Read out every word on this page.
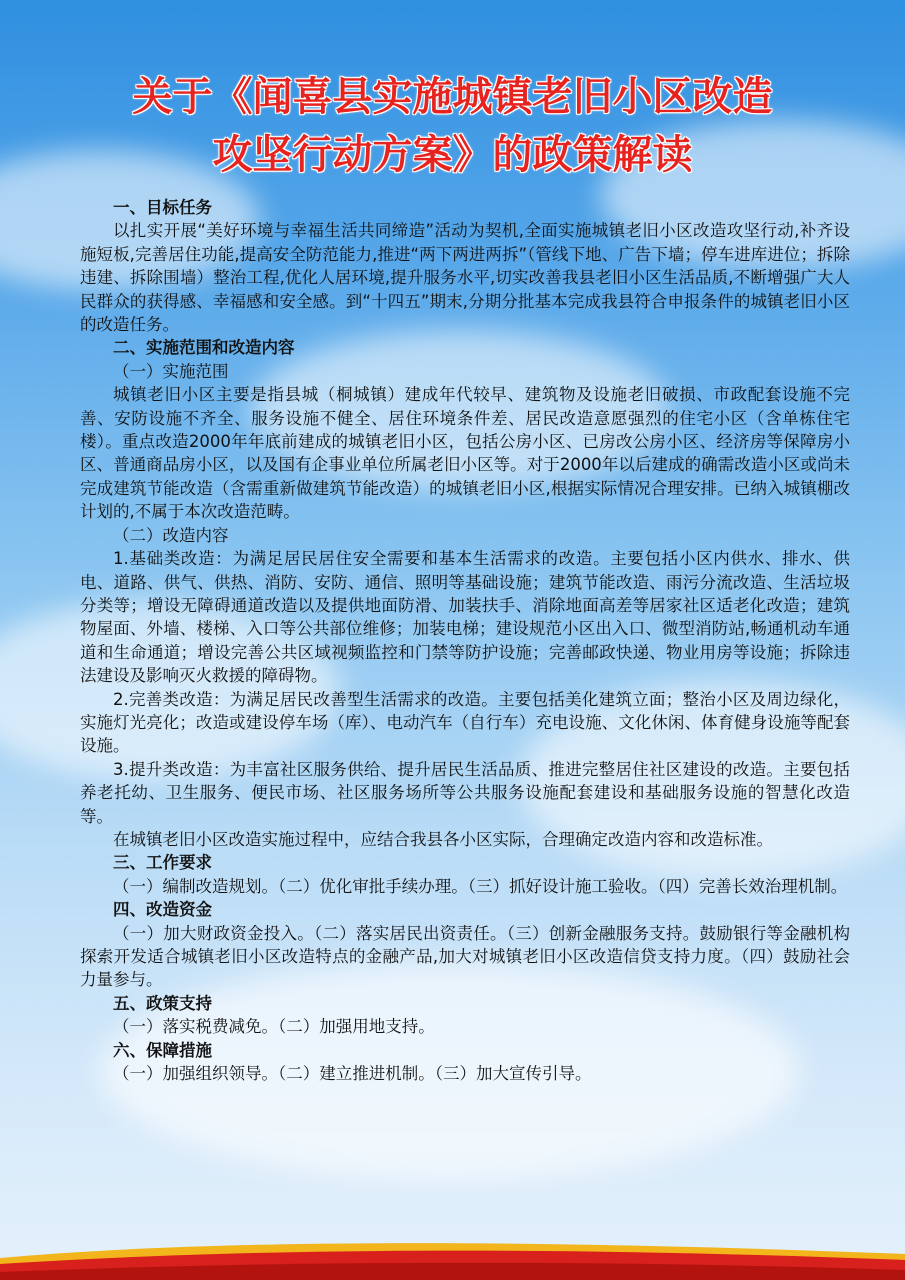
关于《闻喜县实施城镇老旧小区改造
攻坚行动方案》的政策解读
一、目标任务
以扎实开展“美好环境与幸福生活共同缔造”活动为契机,全面实施城镇老旧小区改造攻坚行动,补齐设施短板,完善居住功能,提高安全防范能力,推进“两下两进两拆”（管线下地、广告下墙；停车进库进位；拆除违建、拆除围墙）整治工程,优化人居环境,提升服务水平,切实改善我县老旧小区生活品质,不断增强广大人民群众的获得感、幸福感和安全感。到“十四五”期末,分期分批基本完成我县符合申报条件的城镇老旧小区的改造任务。
二、实施范围和改造内容
（一）实施范围
城镇老旧小区主要是指县城（桐城镇）建成年代较早、建筑物及设施老旧破损、市政配套设施不完善、安防设施不齐全、服务设施不健全、居住环境条件差、居民改造意愿强烈的住宅小区（含单栋住宅楼）。重点改造2000年年底前建成的城镇老旧小区，包括公房小区、已房改公房小区、经济房等保障房小区、普通商品房小区，以及国有企事业单位所属老旧小区等。对于2000年以后建成的确需改造小区或尚未完成建筑节能改造（含需重新做建筑节能改造）的城镇老旧小区,根据实际情况合理安排。已纳入城镇棚改计划的,不属于本次改造范畴。
（二）改造内容
1.基础类改造：为满足居民居住安全需要和基本生活需求的改造。主要包括小区内供水、排水、供电、道路、供气、供热、消防、安防、通信、照明等基础设施；建筑节能改造、雨污分流改造、生活垃圾分类等；增设无障碍通道改造以及提供地面防滑、加装扶手、消除地面高差等居家社区适老化改造；建筑物屋面、外墙、楼梯、入口等公共部位维修；加装电梯；建设规范小区出入口、微型消防站,畅通机动车通道和生命通道；增设完善公共区域视频监控和门禁等防护设施；完善邮政快递、物业用房等设施；拆除违法建设及影响灭火救援的障碍物。
2.完善类改造：为满足居民改善型生活需求的改造。主要包括美化建筑立面；整治小区及周边绿化，实施灯光亮化；改造或建设停车场（库）、电动汽车（自行车）充电设施、文化休闲、体育健身设施等配套设施。
3.提升类改造：为丰富社区服务供给、提升居民生活品质、推进完整居住社区建设的改造。主要包括养老托幼、卫生服务、便民市场、社区服务场所等公共服务设施配套建设和基础服务设施的智慧化改造等。
在城镇老旧小区改造实施过程中，应结合我县各小区实际，合理确定改造内容和改造标准。
三、工作要求
（一）编制改造规划。（二）优化审批手续办理。（三）抓好设计施工验收。（四）完善长效治理机制。
四、改造资金
（一）加大财政资金投入。（二）落实居民出资责任。（三）创新金融服务支持。鼓励银行等金融机构探索开发适合城镇老旧小区改造特点的金融产品,加大对城镇老旧小区改造信贷支持力度。（四）鼓励社会力量参与。
五、政策支持
（一）落实税费减免。（二）加强用地支持。
六、保障措施
（一）加强组织领导。（二）建立推进机制。（三）加大宣传引导。
